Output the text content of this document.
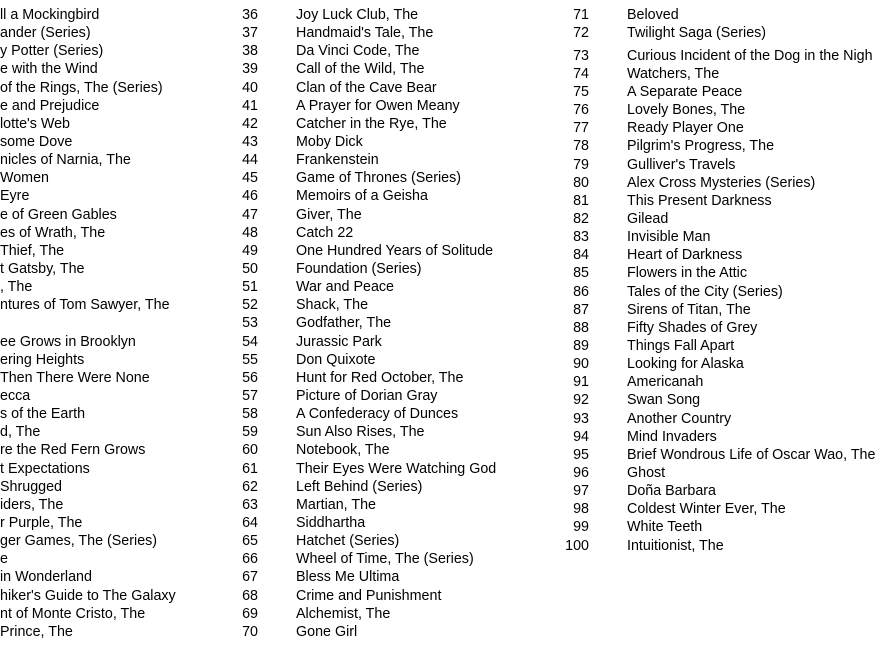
ll a Mockingbird
ander (Series)
y Potter (Series)
e with the Wind
of the Rings, The (Series)
e and Prejudice
lotte's Web
some Dove
nicles of Narnia, The
Women
Eyre
e of Green Gables
es of Wrath, The
Thief, The
t Gatsby, The
, The
ntures of Tom Sawyer, The
ee Grows in Brooklyn
ering Heights
Then There Were None
ecca
s of the Earth
d, The
re the Red Fern Grows
t Expectations
Shrugged
iders, The
r Purple, The
ger Games, The (Series)
e
in Wonderland
hiker's Guide to The Galaxy
nt of Monte Cristo, The
Prince, The
36	Joy Luck Club, The
37	Handmaid's Tale, The
38	Da Vinci Code, The
39	Call of the Wild, The
40	Clan of the Cave Bear
41	A Prayer for Owen Meany
42	Catcher in the Rye, The
43	Moby Dick
44	Frankenstein
45	Game of Thrones (Series)
46	Memoirs of a Geisha
47	Giver, The
48	Catch 22
49	One Hundred Years of Solitude
50	Foundation (Series)
51	War and Peace
52	Shack, The
53	Godfather, The
54	Jurassic Park
55	Don Quixote
56	Hunt for Red October, The
57	Picture of Dorian Gray
58	A Confederacy of Dunces
59	Sun Also Rises, The
60	Notebook, The
61	Their Eyes Were Watching God
62	Left Behind (Series)
63	Martian, The
64	Siddhartha
65	Hatchet (Series)
66	Wheel of Time, The (Series)
67	Bless Me Ultima
68	Crime and Punishment
69	Alchemist, The
70	Gone Girl
71	Beloved
72	Twilight Saga (Series)
73	Curious Incident of the Dog in the Nigh
74	Watchers, The
75	A Separate Peace
76	Lovely Bones, The
77	Ready Player One
78	Pilgrim's Progress, The
79	Gulliver's Travels
80	Alex Cross Mysteries (Series)
81	This Present Darkness
82	Gilead
83	Invisible Man
84	Heart of Darkness
85	Flowers in the Attic
86	Tales of the City (Series)
87	Sirens of Titan, The
88	Fifty Shades of Grey
89	Things Fall Apart
90	Looking for Alaska
91	Americanah
92	Swan Song
93	Another Country
94	Mind Invaders
95	Brief Wondrous Life of Oscar Wao, The
96	Ghost
97	Doña Barbara
98	Coldest Winter Ever, The
99	White Teeth
100	Intuitionist, The
